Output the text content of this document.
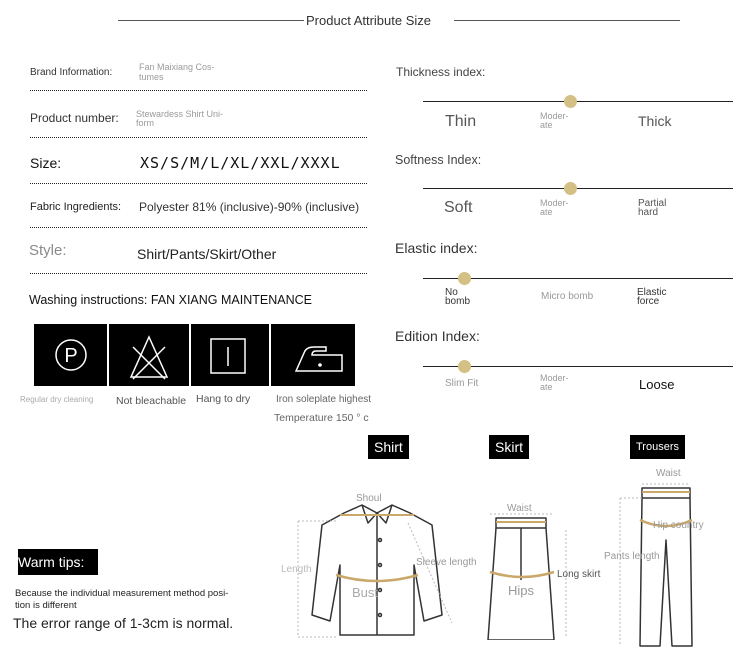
Product Attribute Size
Brand Information:	Fan Maixiang Cos-
tumes
Product number: Stewardess Shirt Uni-
form
Size:	XS/S/M/L/XL/XXL/XXXL
Fabric Ingredients: Polyester 81% (inclusive)-90% (inclusive)
Style:	Shirt/Pants/Skirt/Other
Washing instructions: FAN XIANG MAINTENANCE
P
Regular dry cleaning Not bleachable Hang to dry	Iron soleplate highest
Temperature 150 ° c
Thickness index:
Thin	Moder-
ate	Thick
Softness Index:
Soft	Moder-
ate
Partial
hard
Elastic index:
No
bomb	Micro bomb	Elastic
force
Edition Index:
Slim Fit	Moder-
ate	Loose
Shirt	Skirt	Trousers
Shoul
Length
Bust
Sleeve length
Waist
Hips
Long skirt
Waist
Hip country
Pants length
Warm tips:
Because the individual measurement method posi-
tion is different
The error range of 1-3cm is normal.
